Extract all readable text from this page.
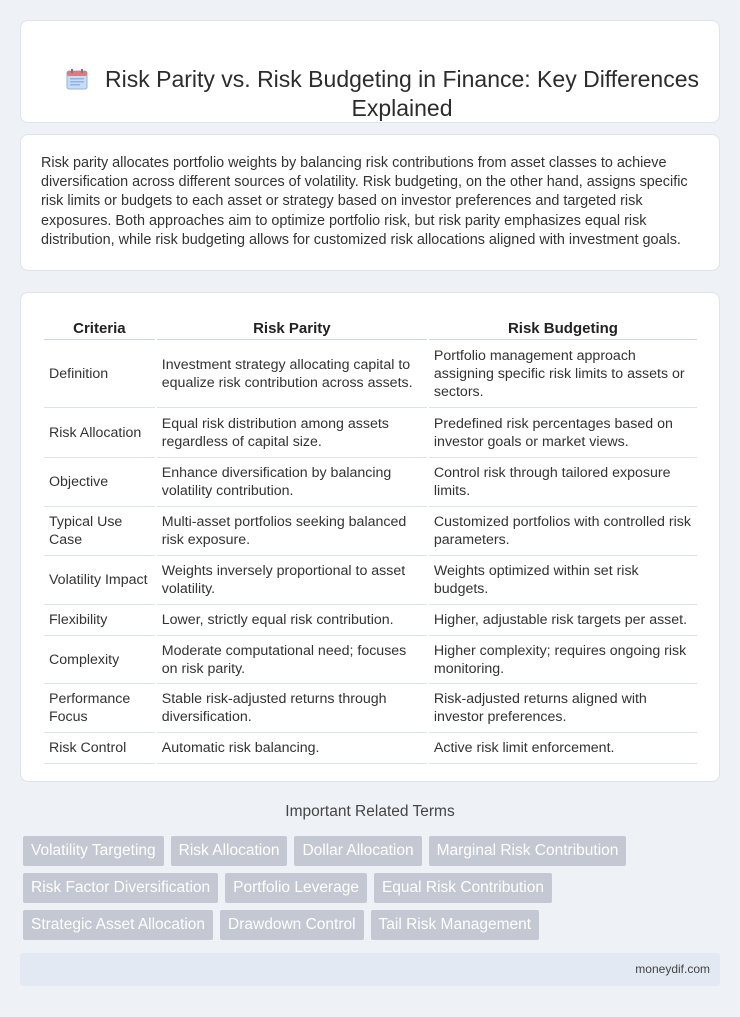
Risk Parity vs. Risk Budgeting in Finance: Key Differences Explained

Risk parity allocates portfolio weights by balancing risk contributions from asset classes to achieve diversification across different sources of volatility. Risk budgeting, on the other hand, assigns specific risk limits or budgets to each asset or strategy based on investor preferences and targeted risk exposures. Both approaches aim to optimize portfolio risk, but risk parity emphasizes equal risk distribution, while risk budgeting allows for customized risk allocations aligned with investment goals.

Criteria	Risk Parity	Risk Budgeting
Definition	Investment strategy allocating capital to equalize risk contribution across assets.	Portfolio management approach assigning specific risk limits to assets or sectors.
Risk Allocation	Equal risk distribution among assets regardless of capital size.	Predefined risk percentages based on investor goals or market views.
Objective	Enhance diversification by balancing volatility contribution.	Control risk through tailored exposure limits.
Typical Use Case	Multi-asset portfolios seeking balanced risk exposure.	Customized portfolios with controlled risk parameters.
Volatility Impact	Weights inversely proportional to asset volatility.	Weights optimized within set risk budgets.
Flexibility	Lower, strictly equal risk contribution.	Higher, adjustable risk targets per asset.
Complexity	Moderate computational need; focuses on risk parity.	Higher complexity; requires ongoing risk monitoring.
Performance Focus	Stable risk-adjusted returns through diversification.	Risk-adjusted returns aligned with investor preferences.
Risk Control	Automatic risk balancing.	Active risk limit enforcement.
Important Related Terms
Volatility Targeting	Risk Allocation	Dollar Allocation	Marginal Risk Contribution
Risk Factor Diversification	Portfolio Leverage	Equal Risk Contribution
Strategic Asset Allocation	Drawdown Control	Tail Risk Management
moneydif.com
